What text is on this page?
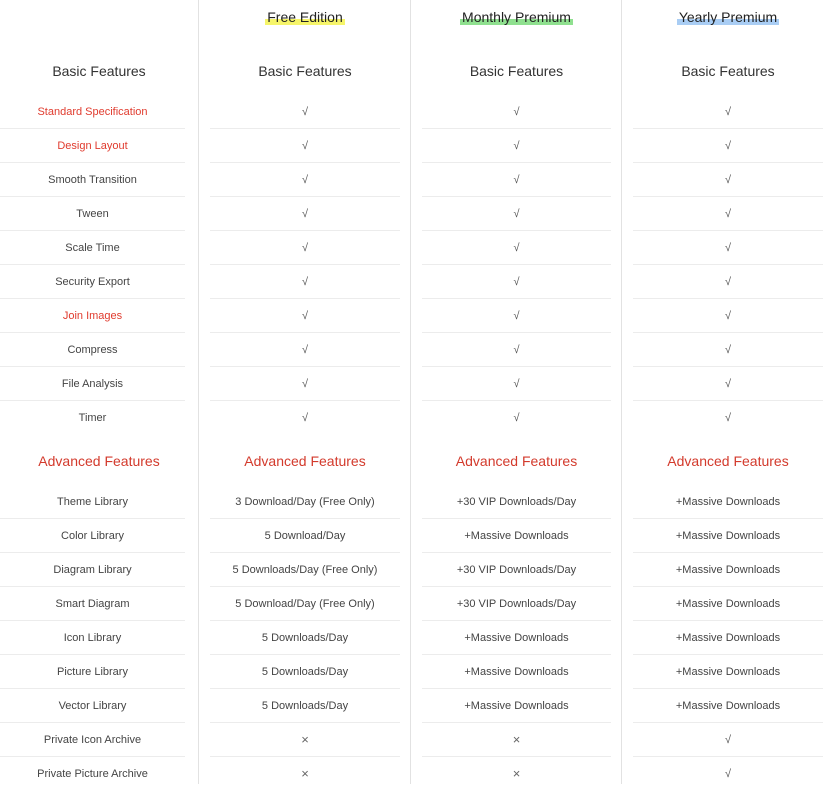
Basic Features
Standard Specification
Design Layout
Smooth Transition
Tween
Scale Time
Security Export
Join Images
Compress
File Analysis
Timer
Advanced Features
Theme Library
Color Library
Diagram Library
Smart Diagram
Icon Library
Picture Library
Vector Library
Private Icon Archive
Private Picture Archive
Free Edition
Basic Features
√
√
√
√
√
√
√
√
√
√
Advanced Features
3 Download/Day (Free Only)
5 Download/Day
5 Downloads/Day (Free Only)
5 Download/Day (Free Only)
5 Downloads/Day
5 Downloads/Day
5 Downloads/Day
×
×
Monthly Premium
Basic Features
√
√
√
√
√
√
√
√
√
√
Advanced Features
+30 VIP Downloads/Day
+Massive Downloads
+30 VIP Downloads/Day
+30 VIP Downloads/Day
+Massive Downloads
+Massive Downloads
+Massive Downloads
×
×
Yearly Premium
Basic Features
√
√
√
√
√
√
√
√
√
√
Advanced Features
+Massive Downloads
+Massive Downloads
+Massive Downloads
+Massive Downloads
+Massive Downloads
+Massive Downloads
+Massive Downloads
√
√
